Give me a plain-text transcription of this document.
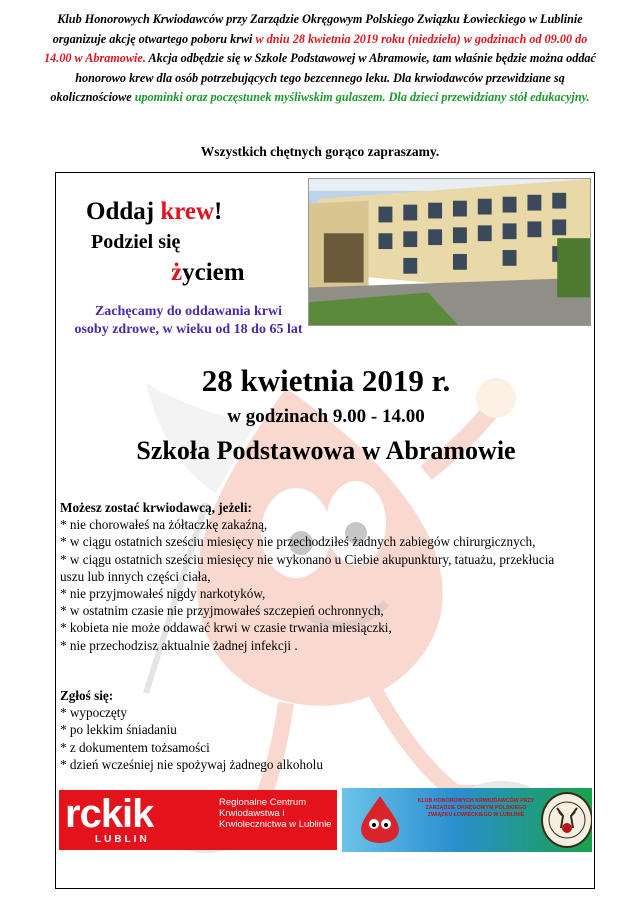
Klub Honorowych Krwiodawców przy Zarządzie Okręgowym Polskiego Związku Łowieckiego w Lublinie organizuje akcję otwartego poboru krwi w dniu 28 kwietnia 2019 roku (niedziela) w godzinach od 09.00 do 14.00 w Abramowie. Akcja odbędzie się w Szkole Podstawowej w Abramowie, tam właśnie będzie można oddać honorowo krew dla osób potrzebujących tego bezcennego leku. Dla krwiodawców przewidziane są okolicznościowe upominki oraz poczęstunek myśliwskim gulaszem. Dla dzieci przewidziany stół edukacyjny.
Wszystkich chętnych gorąco zapraszamy.
Oddaj krew!
Podziel się
życiem
Zachęcamy do oddawania krwi
osoby zdrowe, w wieku od 18 do 65 lat
28 kwietnia 2019 r.
w godzinach 9.00 - 14.00
Szkoła Podstawowa w Abramowie
Możesz zostać krwiodawcą, jeżeli:
* nie chorowałeś na żółtaczkę zakaźną,
* w ciągu ostatnich sześciu miesięcy nie przechodziłeś żadnych zabiegów chirurgicznych,
* w ciągu ostatnich sześciu miesięcy nie wykonano u Ciebie akupunktury, tatuażu, przekłucia uszu lub innych części ciała,
* nie przyjmowałeś nigdy narkotyków,
* w ostatnim czasie nie przyjmowałeś szczepień ochronnych,
* kobieta nie może oddawać krwi w czasie trwania miesiączki,
* nie przechodzisz aktualnie żadnej infekcji .
Zgłoś się:
* wypoczęty
* po lekkim śniadaniu
* z dokumentem tożsamości
* dzień wcześniej nie spożywaj żadnego alkoholu
rckik
LUBLIN
Regionalne Centrum Krwiodawstwa i Krwiolecznictwa w Lublinie
KLUB HONOROWYCH KRWIODAWCÓW PRZY ZARZĄDZIE OKRĘGOWYM POLSKIEGO ZWIĄZKU ŁOWIECKIEGO W LUBLINIE
